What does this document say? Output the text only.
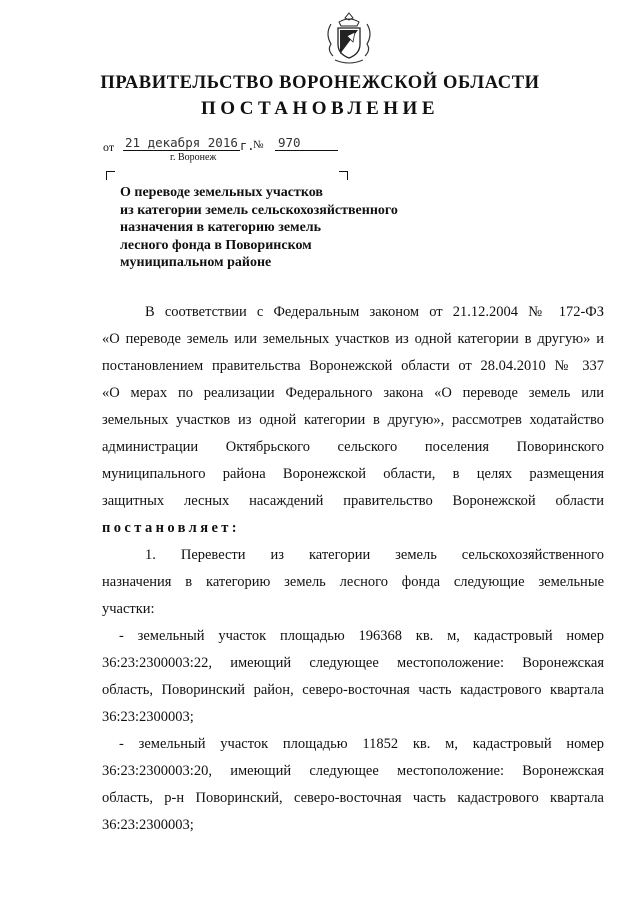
ПРАВИТЕЛЬСТВО ВОРОНЕЖСКОЙ ОБЛАСТИ
ПОСТАНОВЛЕНИЕ
от 21 декабря 2016 г.
№ 970
г. Воронеж
О переводе земельных участков
из категории земель сельскохозяйственного
назначения в категорию земель
лесного фонда в Поворинском
муниципальном районе
В соответствии с Федеральным законом от 21.12.2004 № 172-ФЗ
«О переводе земель или земельных участков из одной категории в другую» и
постановлением правительства Воронежской области от 28.04.2010 № 337
«О мерах по реализации Федерального закона «О переводе земель или
земельных участков из одной категории в другую», рассмотрев ходатайство
администрации Октябрьского сельского поселения Поворинского
муниципального района Воронежской области, в целях размещения
защитных лесных насаждений правительство Воронежской области
постановляет:
1. Перевести из категории земель сельскохозяйственного
назначения в категорию земель лесного фонда следующие земельные
участки:
- земельный участок площадью 196368 кв. м, кадастровый номер
36:23:2300003:22, имеющий следующее местоположение: Воронежская
область, Поворинский район, северо-восточная часть кадастрового квартала
36:23:2300003;
- земельный участок площадью 11852 кв. м, кадастровый номер
36:23:2300003:20, имеющий следующее местоположение: Воронежская
область, р-н Поворинский, северо-восточная часть кадастрового квартала
36:23:2300003;
